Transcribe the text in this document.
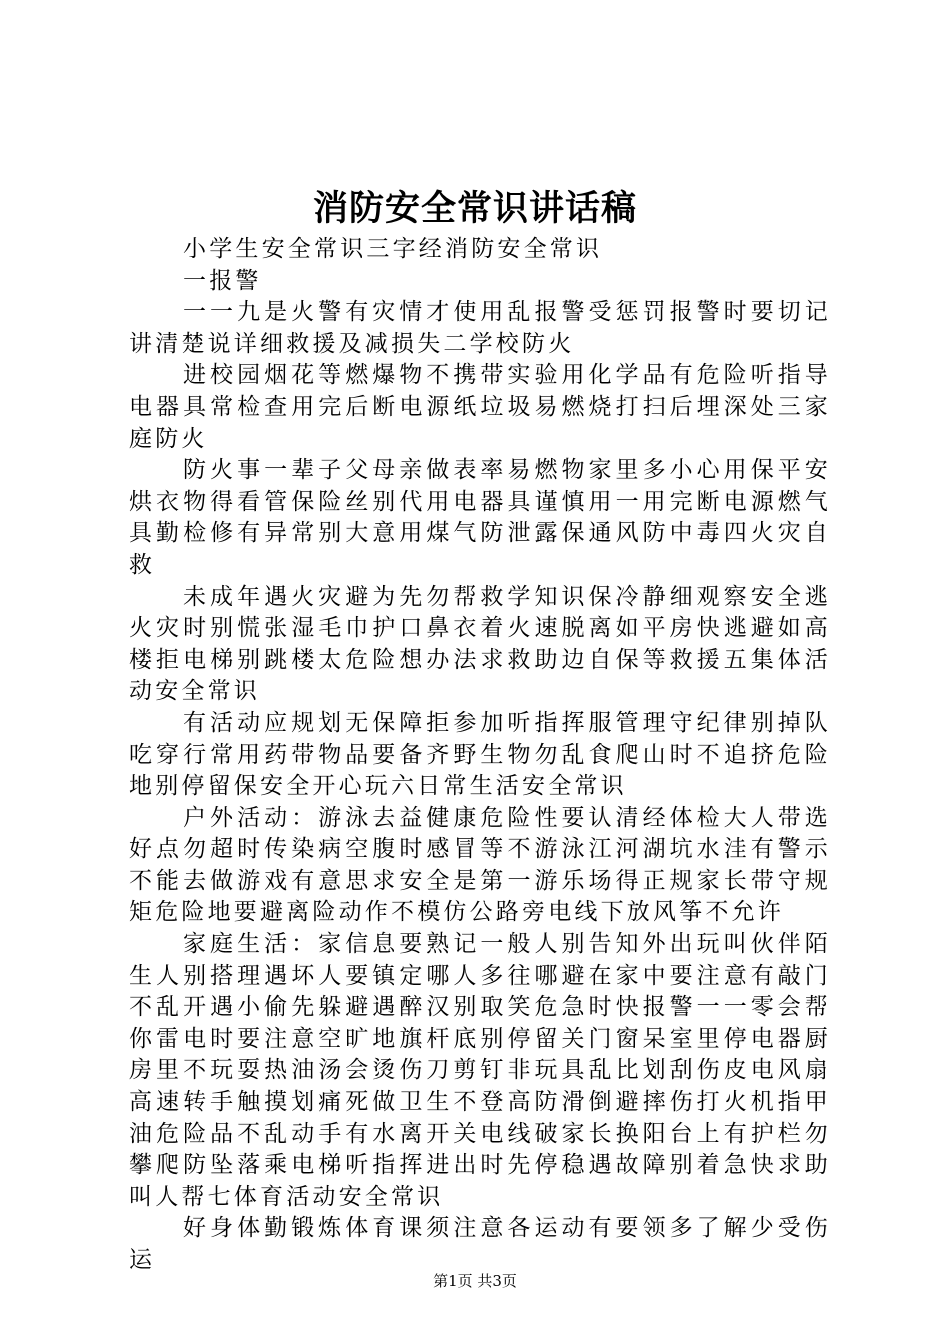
消防安全常识讲话稿

小学生安全常识三字经消防安全常识

一报警

一一九是火警有灾情才使用乱报警受惩罚报警时要切记讲清楚说详细救援及减损失二学校防火

进校园烟花等燃爆物不携带实验用化学品有危险听指导电器具常检查用完后断电源纸垃圾易燃烧打扫后埋深处三家庭防火

防火事一辈子父母亲做表率易燃物家里多小心用保平安烘衣物得看管保险丝别代用电器具谨慎用一用完断电源燃气具勤检修有异常别大意用煤气防泄露保通风防中毒四火灾自救

未成年遇火灾避为先勿帮救学知识保冷静细观察安全逃火灾时别慌张湿毛巾护口鼻衣着火速脱离如平房快逃避如高楼拒电梯别跳楼太危险想办法求救助边自保等救援五集体活动安全常识

有活动应规划无保障拒参加听指挥服管理守纪律别掉队吃穿行常用药带物品要备齐野生物勿乱食爬山时不追挤危险地别停留保安全开心玩六日常生活安全常识

户外活动：游泳去益健康危险性要认清经体检大人带选好点勿超时传染病空腹时感冒等不游泳江河湖坑水洼有警示不能去做游戏有意思求安全是第一游乐场得正规家长带守规矩危险地要避离险动作不模仿公路旁电线下放风筝不允许

家庭生活：家信息要熟记一般人别告知外出玩叫伙伴陌生人别搭理遇坏人要镇定哪人多往哪避在家中要注意有敲门不乱开遇小偷先躲避遇醉汉别取笑危急时快报警一一零会帮你雷电时要注意空旷地旗杆底别停留关门窗呆室里停电器厨房里不玩耍热油汤会烫伤刀剪钉非玩具乱比划刮伤皮电风扇高速转手触摸划痛死做卫生不登高防滑倒避摔伤打火机指甲油危险品不乱动手有水离开关电线破家长换阳台上有护栏勿攀爬防坠落乘电梯听指挥进出时先停稳遇故障别着急快求助叫人帮七体育活动安全常识

好身体勤锻炼体育课须注意各运动有要领多了解少受伤运

第1页 共3页
